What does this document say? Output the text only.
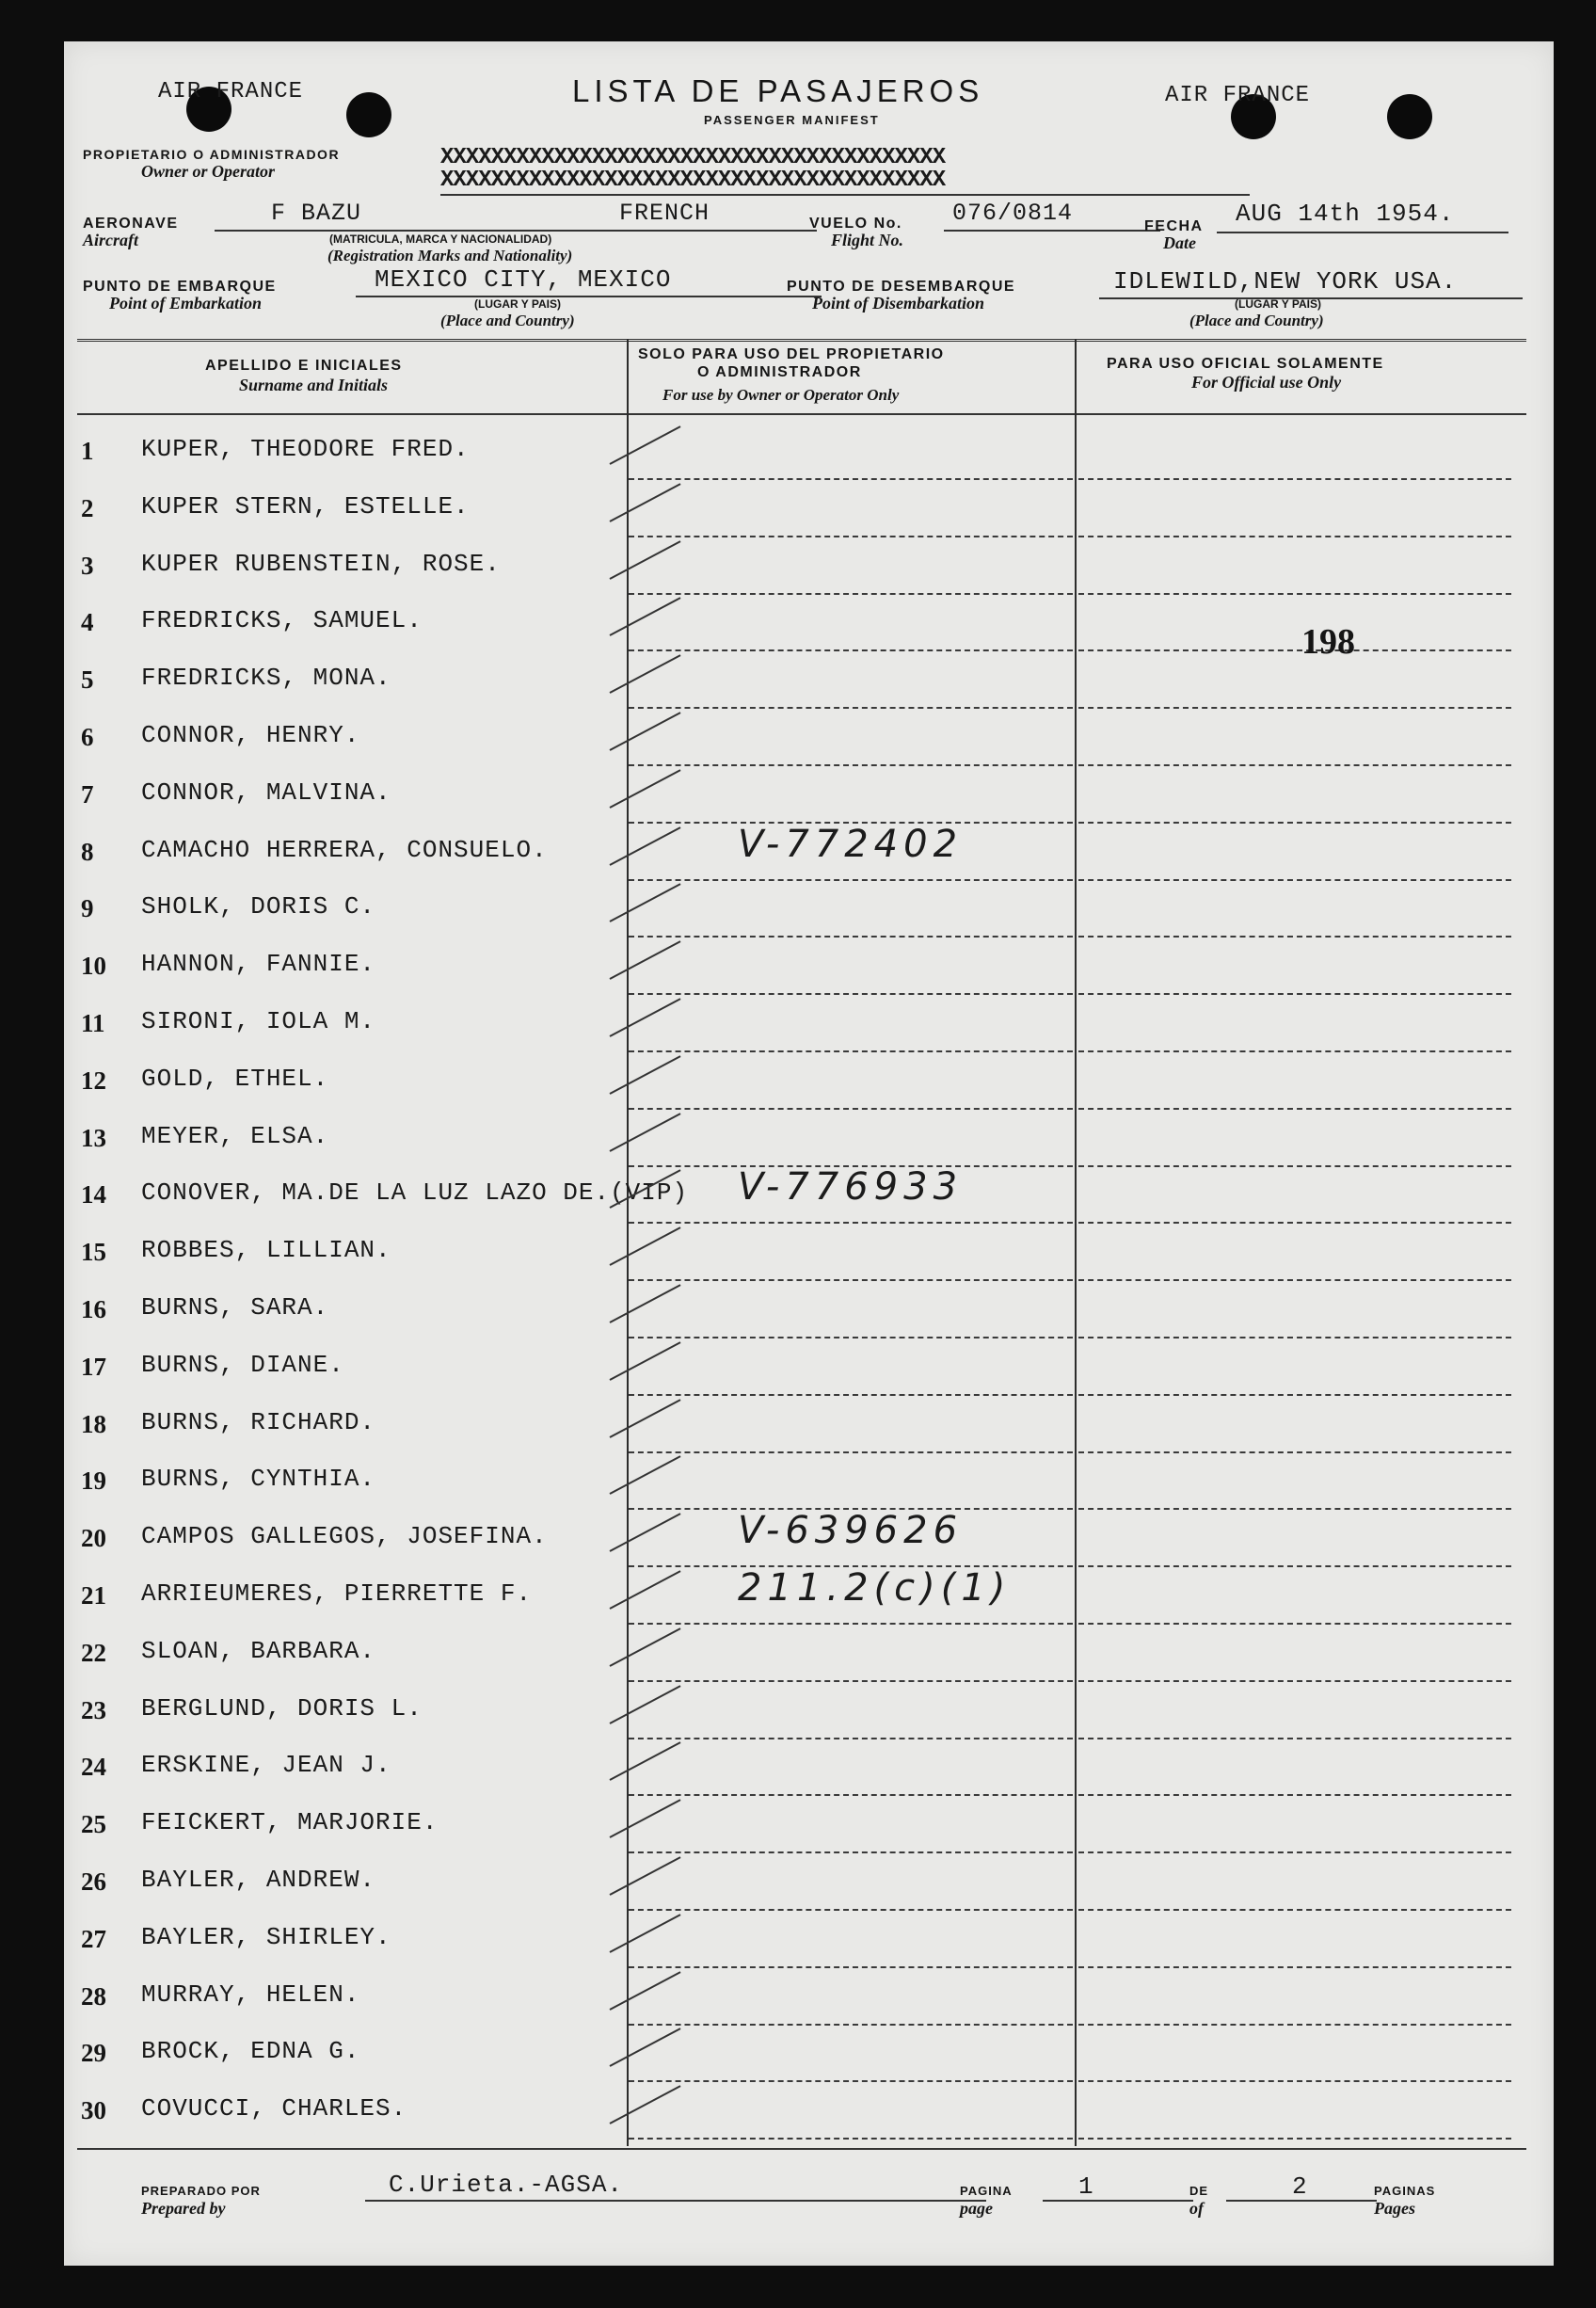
AIR FRANCE	AIR FRANCE
LISTA DE PASAJEROS
PASSENGER MANIFEST
PROPIETARIO O ADMINISTRADOR
Owner or Operator
XXXXXXXXXXXXXXXXXXXXXXXXXXXXXXXXXXXXXXXX
XXXXXXXXXXXXXXXXXXXXXXXXXXXXXXXXXXXXXXXX
AERONAVE
Aircraft
F BAZU	FRENCH
(MATRICULA, MARCA Y NACIONALIDAD)
(Registration Marks and Nationality)
VUELO No.
Flight No.
076/0814	FECHA
Date
AUG 14th 1954.
PUNTO DE EMBARQUE
Point of Embarkation
MEXICO CITY, MEXICO
(LUGAR Y PAIS)
(Place and Country)
PUNTO DE DESEMBARQUE
Point of Disembarkation
IDLEWILD,NEW YORK USA.
(LUGAR Y PAIS)
(Place and Country)
APELLIDO E INICIALES
Surname and Initials
SOLO PARA USO DEL PROPIETARIO
O ADMINISTRADOR
For use by Owner or Operator Only
PARA USO OFICIAL SOLAMENTE
For Official use Only
1	KUPER, THEODORE FRED.
2	KUPER STERN, ESTELLE.
3	KUPER RUBENSTEIN, ROSE.
4	FREDRICKS, SAMUEL.
5	FREDRICKS, MONA.
6	CONNOR, HENRY.
7	CONNOR, MALVINA.
8	CAMACHO HERRERA, CONSUELO.	V-772402
9	SHOLK, DORIS C.
10	HANNON, FANNIE.
11	SIRONI, IOLA M.
12	GOLD, ETHEL.
13	MEYER, ELSA.
14	CONOVER, MA.DE LA LUZ LAZO DE.(VIP) V-776933
15	ROBBES, LILLIAN.
16	BURNS, SARA.
17	BURNS, DIANE.
18	BURNS, RICHARD.
19	BURNS, CYNTHIA.
20	CAMPOS GALLEGOS, JOSEFINA.	V-639626
21	ARRIEUMERES, PIERRETTE F.	211.2(c)(1)
22	SLOAN, BARBARA.
23	BERGLUND, DORIS L.
24	ERSKINE, JEAN J.
25	FEICKERT, MARJORIE.
26	BAYLER, ANDREW.
27	BAYLER, SHIRLEY.
28	MURRAY, HELEN.
29	BROCK, EDNA G.
30	COVUCCI, CHARLES.
198
PREPARADO POR
Prepared by
C.Urieta.-AGSA.	PAGINA
page
1	DE
of
2	PAGINAS
Pages
